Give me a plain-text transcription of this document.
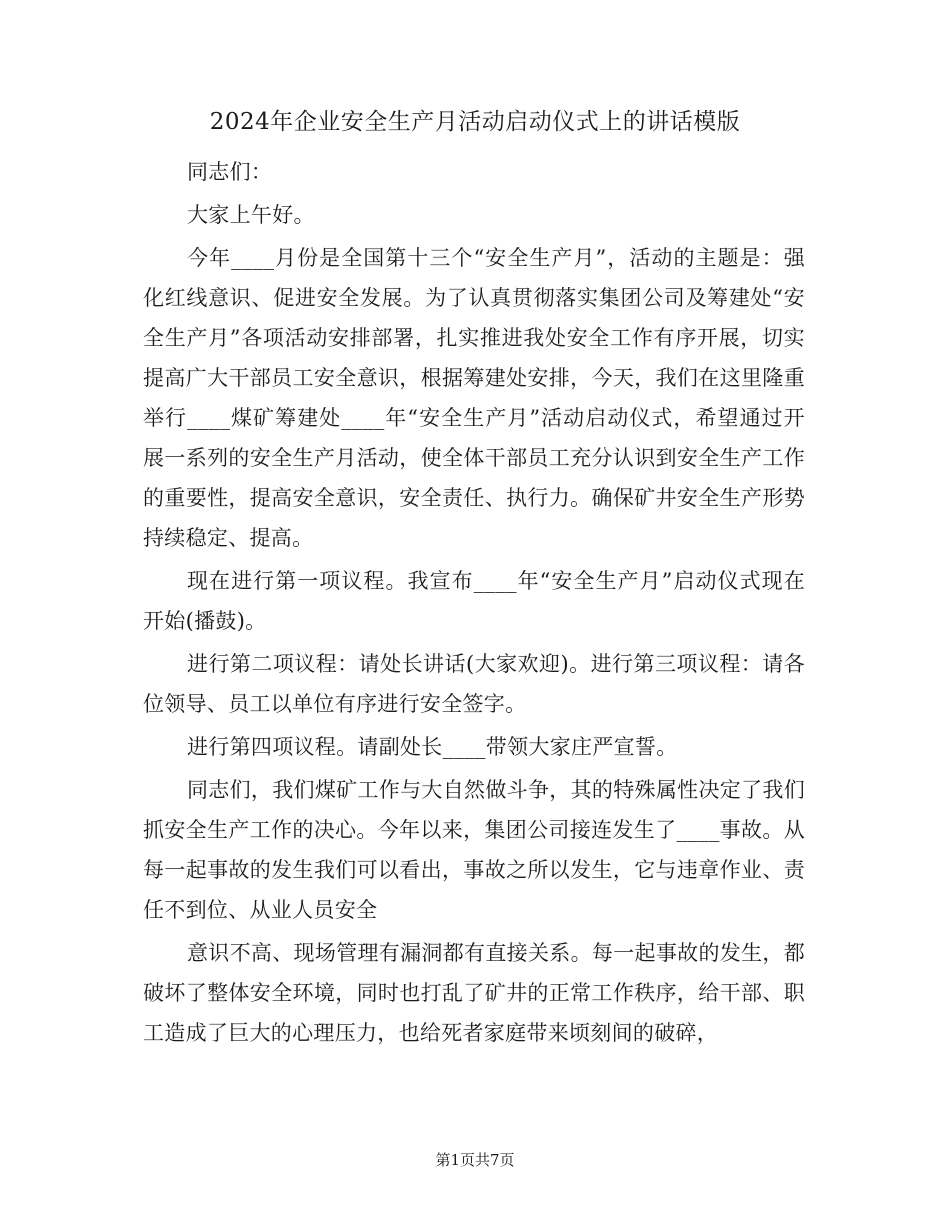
2024年企业安全生产月活动启动仪式上的讲话模版

同志们：

大家上午好。

今年____月份是全国第十三个“安全生产月”，活动的主题是：强化红线意识、促进安全发展。为了认真贯彻落实集团公司及筹建处“安全生产月”各项活动安排部署，扎实推进我处安全工作有序开展，切实提高广大干部员工安全意识，根据筹建处安排，今天，我们在这里隆重举行____煤矿筹建处____年“安全生产月”活动启动仪式，希望通过开展一系列的安全生产月活动，使全体干部员工充分认识到安全生产工作的重要性，提高安全意识，安全责任、执行力。确保矿井安全生产形势持续稳定、提高。

现在进行第一项议程。我宣布____年“安全生产月”启动仪式现在开始(播鼓)。

进行第二项议程：请处长讲话(大家欢迎)。进行第三项议程：请各位领导、员工以单位有序进行安全签字。

进行第四项议程。请副处长____带领大家庄严宣誓。

同志们，我们煤矿工作与大自然做斗争，其的特殊属性决定了我们抓安全生产工作的决心。今年以来，集团公司接连发生了____事故。从每一起事故的发生我们可以看出，事故之所以发生，它与违章作业、责任不到位、从业人员安全

意识不高、现场管理有漏洞都有直接关系。每一起事故的发生，都破坏了整体安全环境，同时也打乱了矿井的正常工作秩序，给干部、职工造成了巨大的心理压力，也给死者家庭带来顷刻间的破碎，

第1页共7页
